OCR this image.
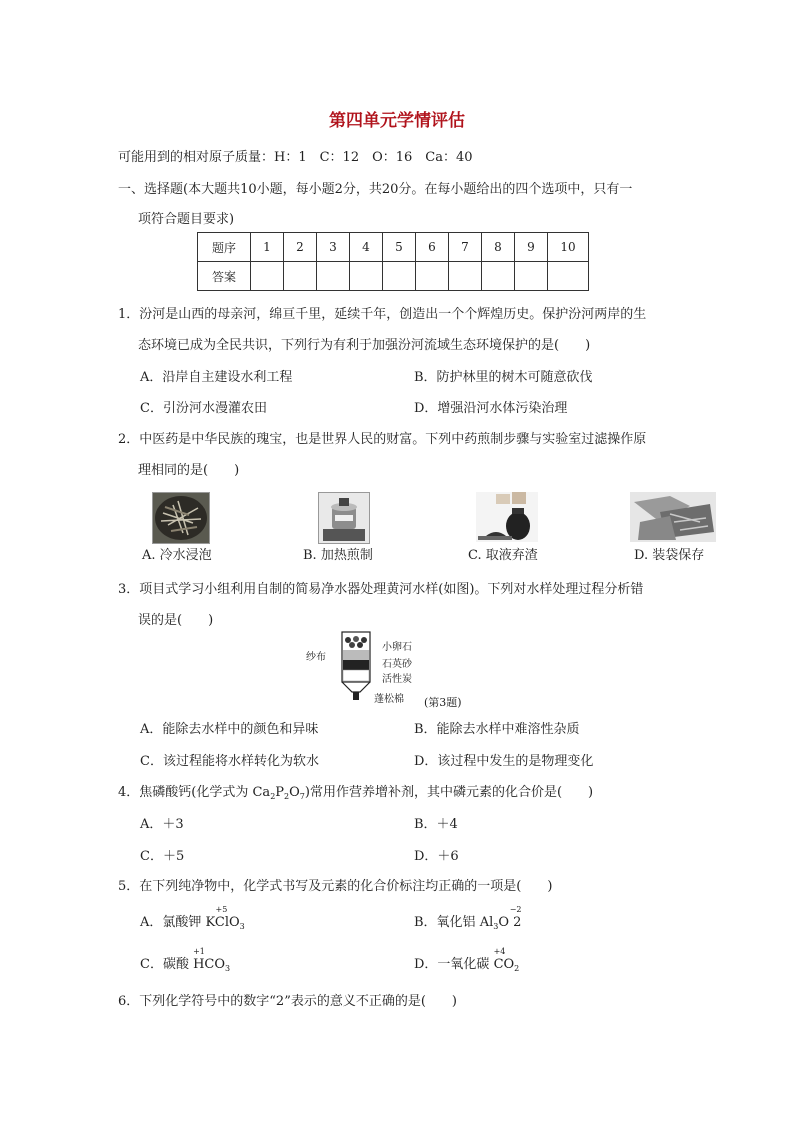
第四单元学情评估
可能用到的相对原子质量：H：1　C：12　O：16　Ca：40
一、选择题(本大题共10小题，每小题2分，共20分。在每小题给出的四个选项中，只有一
项符合题目要求)
题序	1	2	3	4	5	6	7	8	9	10
答案										
1．汾河是山西的母亲河，绵亘千里，延续千年，创造出一个个辉煌历史。保护汾河两岸的生
态环境已成为全民共识，下列行为有利于加强汾河流域生态环境保护的是(　　)
A．沿岸自主建设水利工程	B．防护林里的树木可随意砍伐
C．引汾河水漫灌农田	D．增强沿河水体污染治理
2．中医药是中华民族的瑰宝，也是世界人民的财富。下列中药煎制步骤与实验室过滤操作原
理相同的是(　　)
A. 冷水浸泡	B. 加热煎制	C. 取液弃渣	D. 装袋保存
3．项目式学习小组利用自制的简易净水器处理黄河水样(如图)。下列对水样处理过程分析错
误的是(　　)
纱布
小卵石
石英砂
活性炭
蓬松棉 (第3题)
A．能除去水样中的颜色和异味	B．能除去水样中难溶性杂质
C．该过程能将水样转化为软水	D．该过程中发生的是物理变化
4．焦磷酸钙(化学式为 $Ca_2P_2O_7$)常用作营养增补剂，其中磷元素的化合价是(　　)
A．＋3	B．＋4
C．＋5	D．＋6
5．在下列纯净物中，化学式书写及元素的化合价标注均正确的一项是(　　)
A．氯酸钾 KClO$_3$
+5
B．氧化铝 $Al_3O$ 2
−2
C．碳酸 $HCO_3$
+1
D．一氧化碳 $CO_2$
+4
6．下列化学符号中的数字“2”表示的意义不正确的是(　　)
